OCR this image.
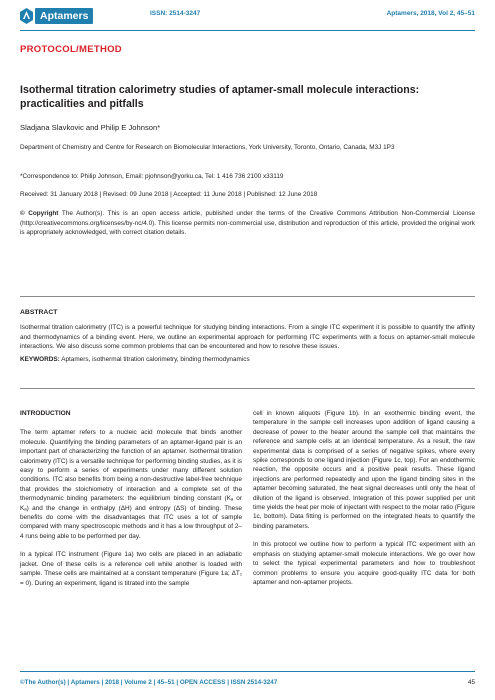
Aptamers	ISSN: 2514-3247	Aptamers, 2018, Vol 2, 45–51
PROTOCOL/METHOD
Isothermal titration calorimetry studies of aptamer-small molecule interactions: practicalities and pitfalls
Sladjana Slavkovic and Philip E Johnson*
Department of Chemistry and Centre for Research on Biomolecular Interactions, York University, Toronto, Ontario, Canada, M3J 1P3
*Correspondence to: Philip Johnson, Email: pjohnson@yorku.ca, Tel: 1 416 736 2100 x33119
Received: 31 January 2018 | Revised: 09 June 2018 | Accepted: 11 June 2018 | Published: 12 June 2018
© Copyright The Author(s). This is an open access article, published under the terms of the Creative Commons Attribution Non-Commercial License (http://creativecommons.org/licenses/by-nc/4.0). This license permits non-commercial use, distribution and reproduction of this article, provided the original work is appropriately acknowledged, with correct citation details.
ABSTRACT
Isothermal titration calorimetry (ITC) is a powerful technique for studying binding interactions. From a single ITC experiment it is possible to quantify the affinity and thermodynamics of a binding event. Here, we outline an experimental approach for performing ITC experiments with a focus on aptamer-small molecule interactions. We also discuss some common problems that can be encountered and how to resolve these issues.
KEYWORDS: Aptamers, isothermal titration calorimetry, binding thermodynamics
INTRODUCTION

The term aptamer refers to a nucleic acid molecule that binds another molecule. Quantifying the binding parameters of an aptamer-ligand pair is an important part of characterizing the function of an aptamer. Isothermal titration calorimetry (ITC) is a versatile technique for performing binding studies, as it is easy to perform a series of experiments under many different solution conditions. ITC also benefits from being a non-destructive label-free technique that provides the stoichiometry of interaction and a complete set of the thermodynamic binding parameters: the equilibrium binding constant (Kₐ or Kₐ) and the change in enthalpy (ΔH) and entropy (ΔS) of binding. These benefits do come with the disadvantages that ITC uses a lot of sample compared with many spectroscopic methods and it has a low throughput of 2–4 runs being able to be performed per day.

In a typical ITC instrument (Figure 1a) two cells are placed in an adiabatic jacket. One of these cells is a reference cell while another is loaded with sample. These cells are maintained at a constant temperature (Figure 1a; ΔT₁ = 0). During an experiment, ligand is titrated into the sample

cell in known aliquots (Figure 1b). In an exothermic binding event, the temperature in the sample cell increases upon addition of ligand causing a decrease of power to the heater around the sample cell that maintains the reference and sample cells at an identical temperature. As a result, the raw experimental data is comprised of a series of negative spikes, where every spike corresponds to one ligand injection (Figure 1c, top). For an endothermic reaction, the opposite occurs and a positive peak results. These ligand injections are performed repeatedly and upon the ligand binding sites in the aptamer becoming saturated, the heat signal decreases until only the heat of dilution of the ligand is observed. Integration of this power supplied per unit time yields the heat per mole of injectant with respect to the molar ratio (Figure 1c, bottom). Data fitting is performed on the integrated heats to quantify the binding parameters.

In this protocol we outline how to perform a typical ITC experiment with an emphasis on studying aptamer-small molecule interactions. We go over how to select the typical experimental parameters and how to troubleshoot common problems to ensure you acquire good-quality ITC data for both aptamer and non-aptamer projects.

©The Author(s) | Aptamers | 2018 | Volume 2 | 45–51 | OPEN ACCESS | ISSN 2514-3247	45
